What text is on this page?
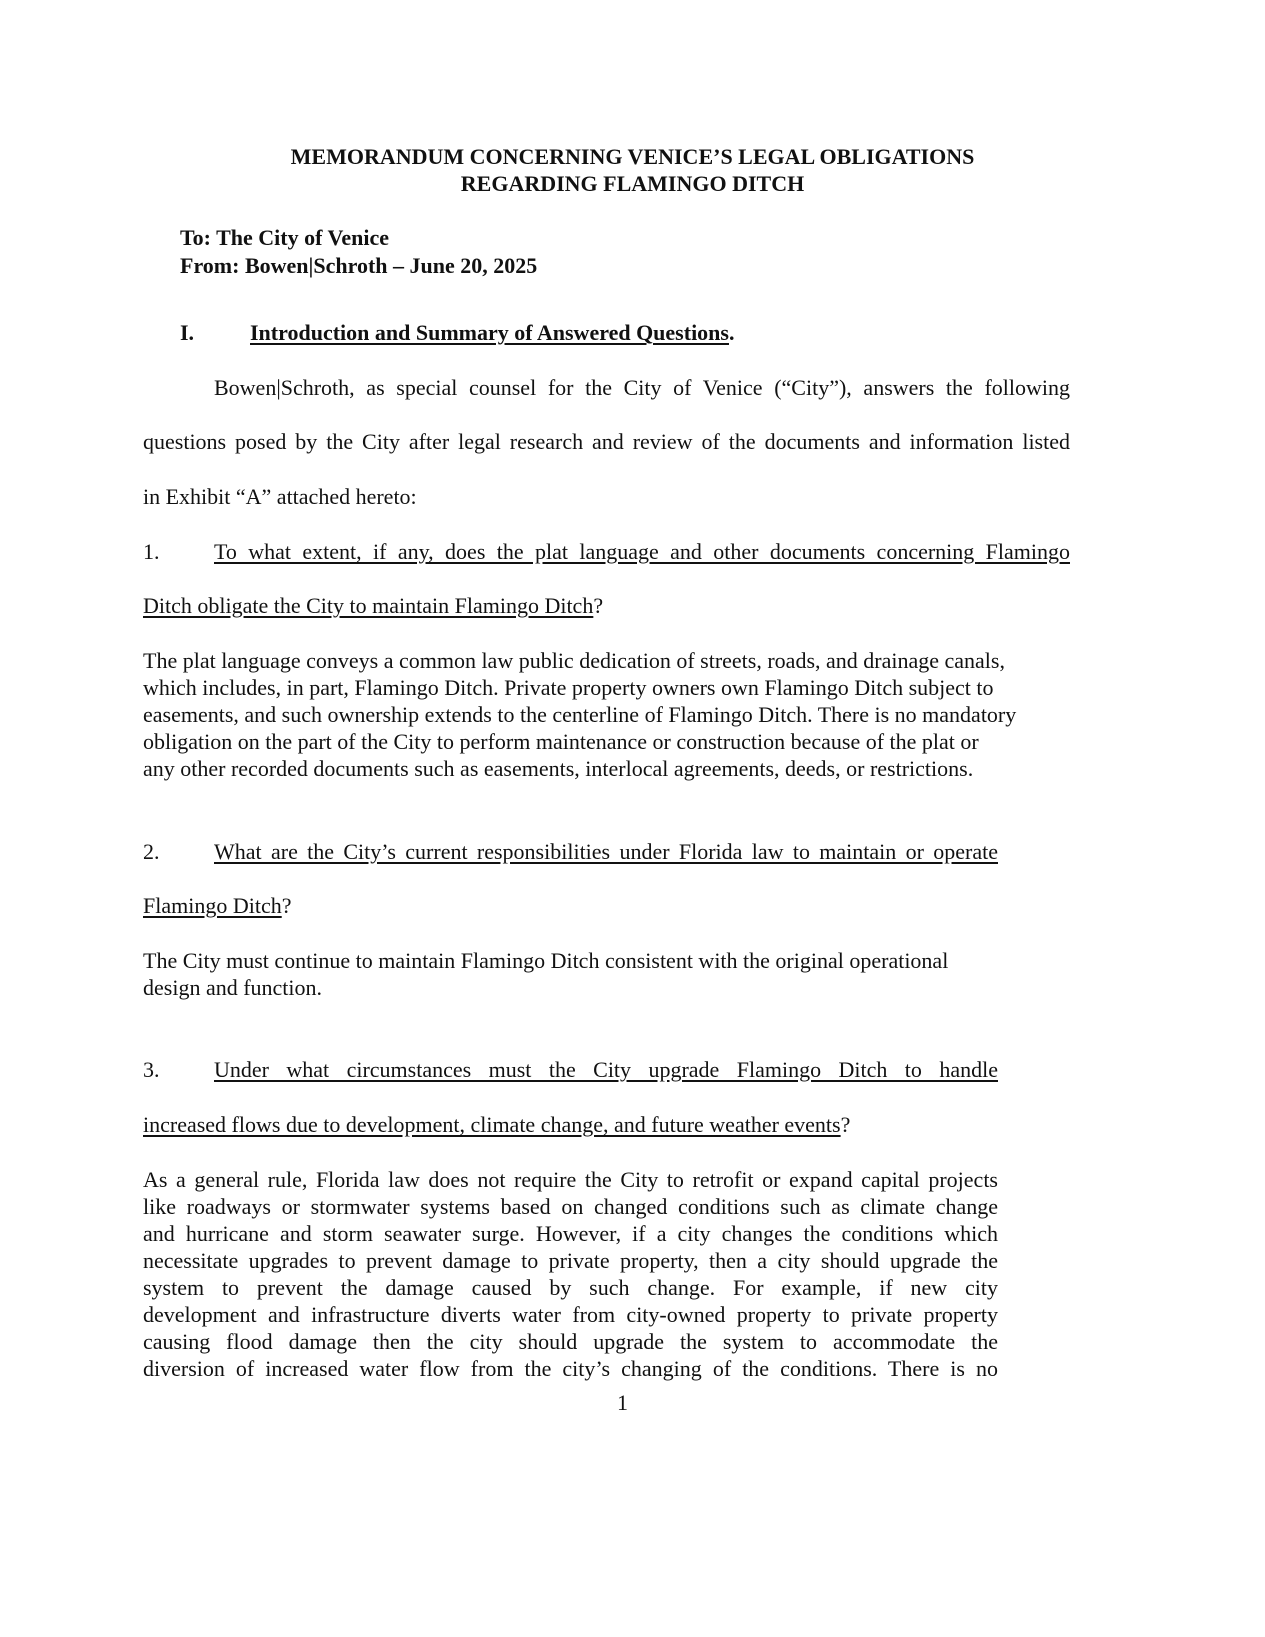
MEMORANDUM CONCERNING VENICE’S LEGAL OBLIGATIONS
REGARDING FLAMINGO DITCH
To: The City of Venice
From: Bowen|Schroth – June 20, 2025
I.	Introduction and Summary of Answered Questions.
Bowen|Schroth, as special counsel for the City of Venice (“City”), answers the following
questions posed by the City after legal research and review of the documents and information listed
in Exhibit “A” attached hereto:
1. To what extent, if any, does the plat language and other documents concerning Flamingo
Ditch obligate the City to maintain Flamingo Ditch?
The plat language conveys a common law public dedication of streets, roads, and drainage canals,
which includes, in part, Flamingo Ditch. Private property owners own Flamingo Ditch subject to
easements, and such ownership extends to the centerline of Flamingo Ditch. There is no mandatory
obligation on the part of the City to perform maintenance or construction because of the plat or
any other recorded documents such as easements, interlocal agreements, deeds, or restrictions.
2. What are the City’s current responsibilities under Florida law to maintain or operate
Flamingo Ditch?
The City must continue to maintain Flamingo Ditch consistent with the original operational
design and function.
3. Under what circumstances must the City upgrade Flamingo Ditch to handle
increased flows due to development, climate change, and future weather events?
As a general rule, Florida law does not require the City to retrofit or expand capital projects
like roadways or stormwater systems based on changed conditions such as climate change
and hurricane and storm seawater surge. However, if a city changes the conditions which
necessitate upgrades to prevent damage to private property, then a city should upgrade the
system to prevent the damage caused by such change. For example, if new city
development and infrastructure diverts water from city-owned property to private property
causing flood damage then the city should upgrade the system to accommodate the
diversion of increased water flow from the city’s changing of the conditions. There is no
1
